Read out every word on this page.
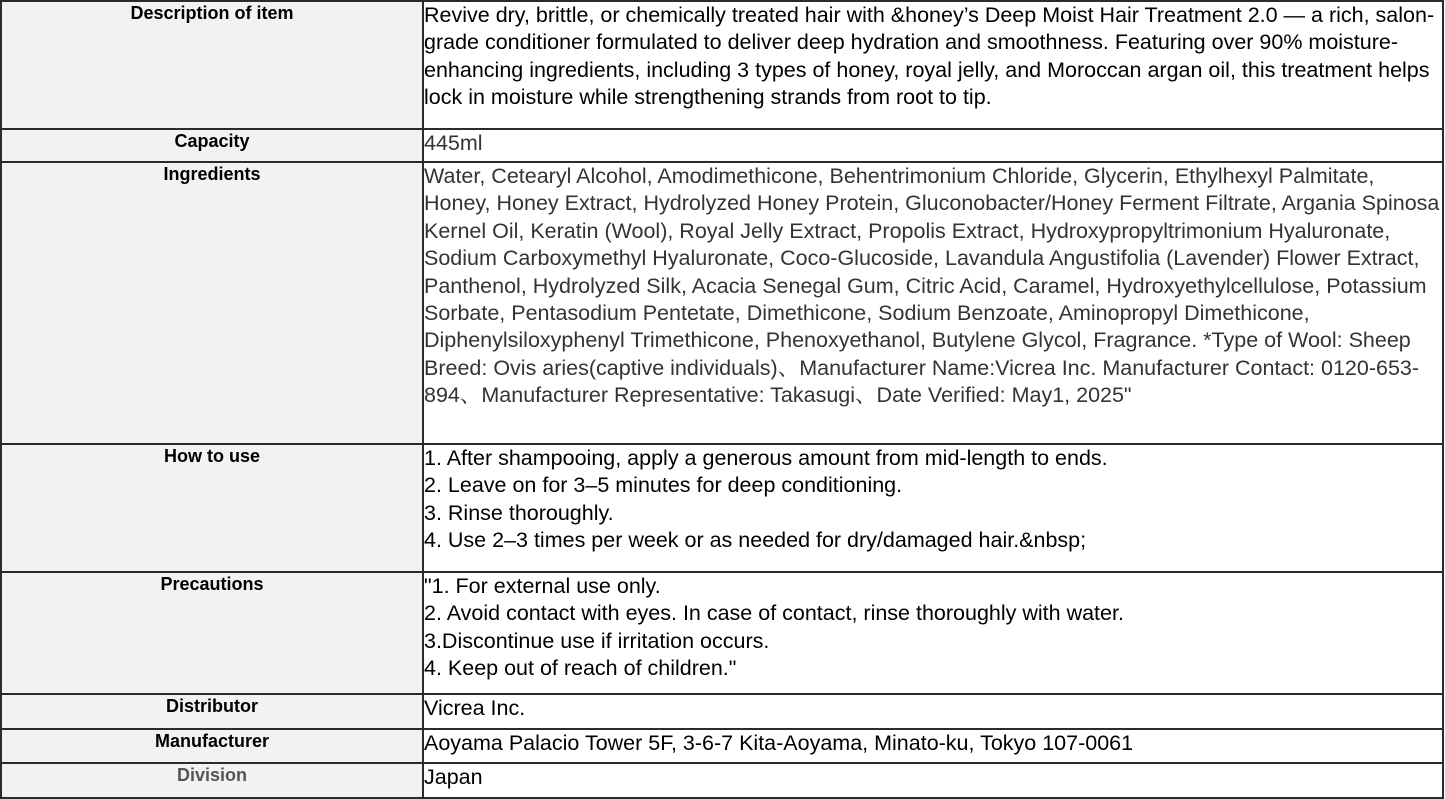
Description of item	Revive dry, brittle, or chemically treated hair with &honey’s Deep Moist Hair Treatment 2.0 — a rich, salon-grade conditioner formulated to deliver deep hydration and smoothness. Featuring over 90% moisture-enhancing ingredients, including 3 types of honey, royal jelly, and Moroccan argan oil, this treatment helps lock in moisture while strengthening strands from root to tip.
Capacity	445ml
Ingredients	Water, Cetearyl Alcohol, Amodimethicone, Behentrimonium Chloride, Glycerin, Ethylhexyl Palmitate, Honey, Honey Extract, Hydrolyzed Honey Protein, Gluconobacter/Honey Ferment Filtrate, Argania Spinosa Kernel Oil, Keratin (Wool), Royal Jelly Extract, Propolis Extract, Hydroxypropyltrimonium Hyaluronate, Sodium Carboxymethyl Hyaluronate, Coco-Glucoside, Lavandula Angustifolia (Lavender) Flower Extract, Panthenol, Hydrolyzed Silk, Acacia Senegal Gum, Citric Acid, Caramel, Hydroxyethylcellulose, Potassium Sorbate, Pentasodium Pentetate, Dimethicone, Sodium Benzoate, Aminopropyl Dimethicone, Diphenylsiloxyphenyl Trimethicone, Phenoxyethanol, Butylene Glycol, Fragrance. *Type of Wool: Sheep Breed: Ovis aries(captive individuals)、Manufacturer Name:Vicrea Inc. Manufacturer Contact: 0120-653-894、Manufacturer Representative: Takasugi、Date Verified: May1, 2025"
How to use	1. After shampooing, apply a generous amount from mid-length to ends.
2. Leave on for 3–5 minutes for deep conditioning.
3. Rinse thoroughly.
4. Use 2–3 times per week or as needed for dry/damaged hair.&nbsp;

Precautions	"1. For external use only.
2. Avoid contact with eyes. In case of contact, rinse thoroughly with water.
3.Discontinue use if irritation occurs.
4. Keep out of reach of children."

Distributor	Vicrea Inc.
Manufacturer	Aoyama Palacio Tower 5F, 3-6-7 Kita-Aoyama, Minato-ku, Tokyo 107-0061
Division	Japan
